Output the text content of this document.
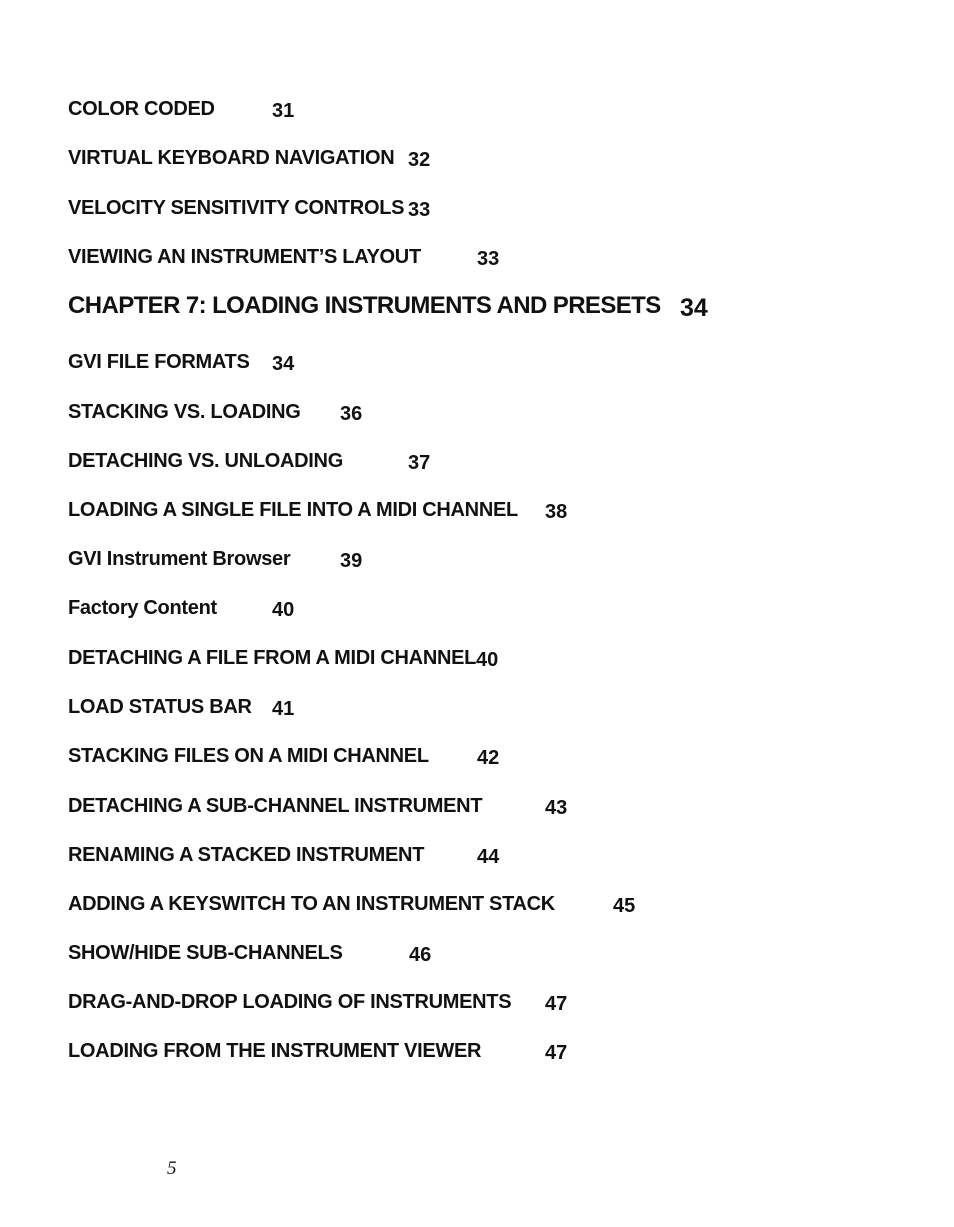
COLOR CODED	31
VIRTUAL KEYBOARD NAVIGATION 32
VELOCITY SENSITIVITY CONTROLS 33
VIEWING AN INSTRUMENT’S LAYOUT	33
CHAPTER 7: LOADING INSTRUMENTS AND PRESETS 34
GVI FILE FORMATS 34
STACKING VS. LOADING 36
DETACHING VS. UNLOADING	37
LOADING A SINGLE FILE INTO A MIDI CHANNEL 38
GVI Instrument Browser 39
Factory Content	40
DETACHING A FILE FROM A MIDI CHANNEL 40
LOAD STATUS BAR 41
STACKING FILES ON A MIDI CHANNEL 42
DETACHING A SUB-CHANNEL INSTRUMENT	43
RENAMING A STACKED INSTRUMENT	44
ADDING A KEYSWITCH TO AN INSTRUMENT STACK	45
SHOW/HIDE SUB-CHANNELS	46
DRAG-AND-DROP LOADING OF INSTRUMENTS 47
LOADING FROM THE INSTRUMENT VIEWER	47
5
